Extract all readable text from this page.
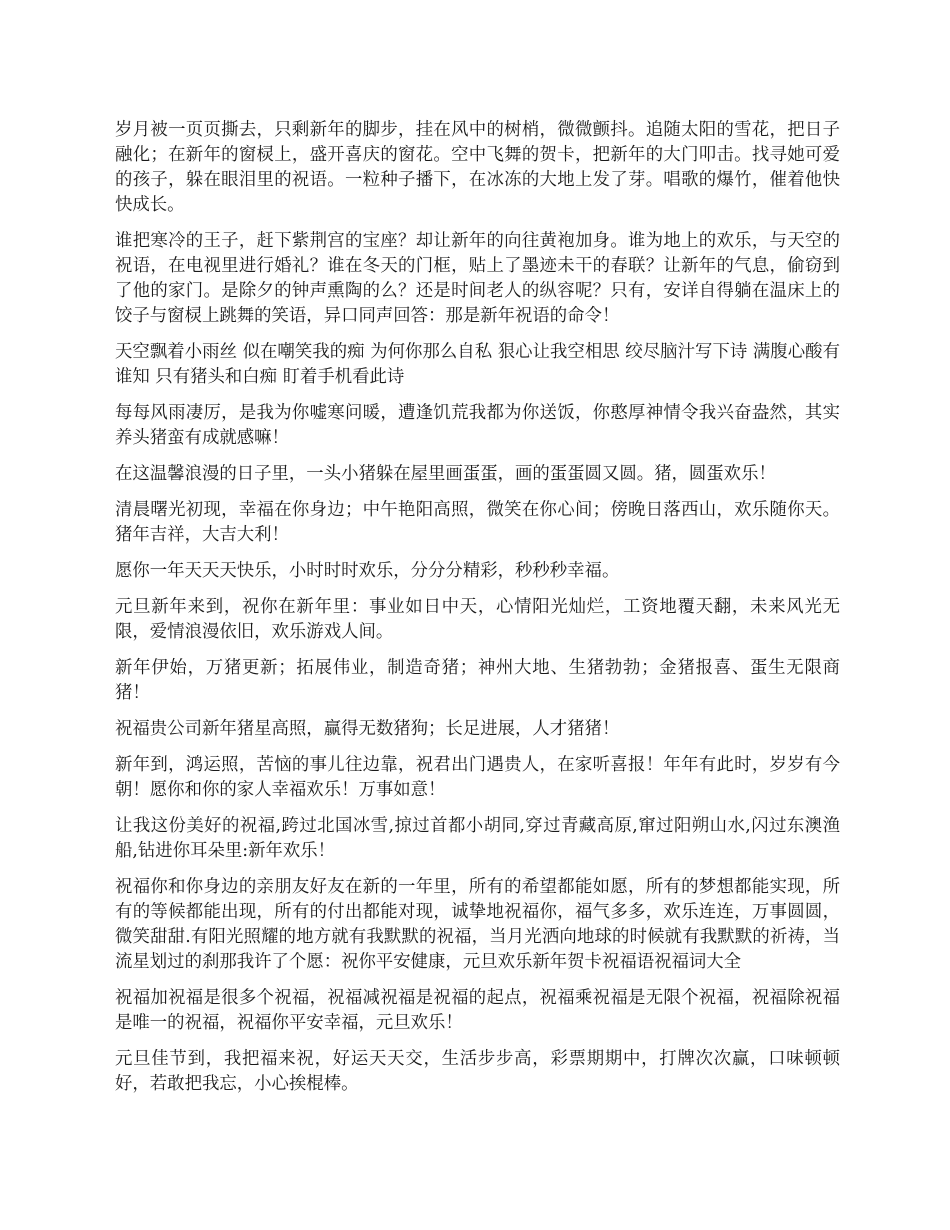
岁月被一页页撕去，只剩新年的脚步，挂在风中的树梢，微微颤抖。追随太阳的雪花，把日子融化；在新年的窗棂上，盛开喜庆的窗花。空中飞舞的贺卡，把新年的大门叩击。找寻她可爱的孩子，躲在眼泪里的祝语。一粒种子播下，在冰冻的大地上发了芽。唱歌的爆竹，催着他快快成长。

谁把寒冷的王子，赶下紫荆宫的宝座？却让新年的向往黄袍加身。谁为地上的欢乐，与天空的祝语，在电视里进行婚礼？谁在冬天的门框，贴上了墨迹未干的春联？让新年的气息，偷窃到了他的家门。是除夕的钟声熏陶的么？还是时间老人的纵容呢？只有，安详自得躺在温床上的饺子与窗棂上跳舞的笑语，异口同声回答：那是新年祝语的命令！

天空飘着小雨丝 似在嘲笑我的痴 为何你那么自私 狠心让我空相思 绞尽脑汁写下诗 满腹心酸有谁知 只有猪头和白痴 盯着手机看此诗

每每风雨凄厉，是我为你嘘寒问暖，遭逢饥荒我都为你送饭，你憨厚神情令我兴奋盎然，其实养头猪蛮有成就感嘛！

在这温馨浪漫的日子里，一头小猪躲在屋里画蛋蛋，画的蛋蛋圆又圆。猪，圆蛋欢乐！

清晨曙光初现，幸福在你身边；中午艳阳高照，微笑在你心间；傍晚日落西山，欢乐随你天。猪年吉祥，大吉大利！

愿你一年天天天快乐，小时时时欢乐，分分分精彩，秒秒秒幸福。

元旦新年来到，祝你在新年里：事业如日中天，心情阳光灿烂，工资地覆天翻，未来风光无限，爱情浪漫依旧，欢乐游戏人间。

新年伊始，万猪更新；拓展伟业，制造奇猪；神州大地、生猪勃勃；金猪报喜、蛋生无限商猪！

祝福贵公司新年猪星高照，赢得无数猪狗；长足进展，人才猪猪！

新年到，鸿运照，苦恼的事儿往边靠，祝君出门遇贵人，在家听喜报！年年有此时，岁岁有今朝！愿你和你的家人幸福欢乐！万事如意！

让我这份美好的祝福,跨过北国冰雪,掠过首都小胡同,穿过青藏高原,窜过阳朔山水,闪过东澳渔船,钻进你耳朵里:新年欢乐！

祝福你和你身边的亲朋友好友在新的一年里，所有的希望都能如愿，所有的梦想都能实现，所有的等候都能出现，所有的付出都能对现，诚挚地祝福你，福气多多，欢乐连连，万事圆圆，微笑甜甜.有阳光照耀的地方就有我默默的祝福，当月光洒向地球的时候就有我默默的祈祷，当流星划过的刹那我许了个愿：祝你平安健康，元旦欢乐新年贺卡祝福语祝福词大全

祝福加祝福是很多个祝福，祝福减祝福是祝福的起点，祝福乘祝福是无限个祝福，祝福除祝福是唯一的祝福，祝福你平安幸福，元旦欢乐！

元旦佳节到，我把福来祝，好运天天交，生活步步高，彩票期期中，打牌次次赢，口味顿顿好，若敢把我忘，小心挨棍棒。
